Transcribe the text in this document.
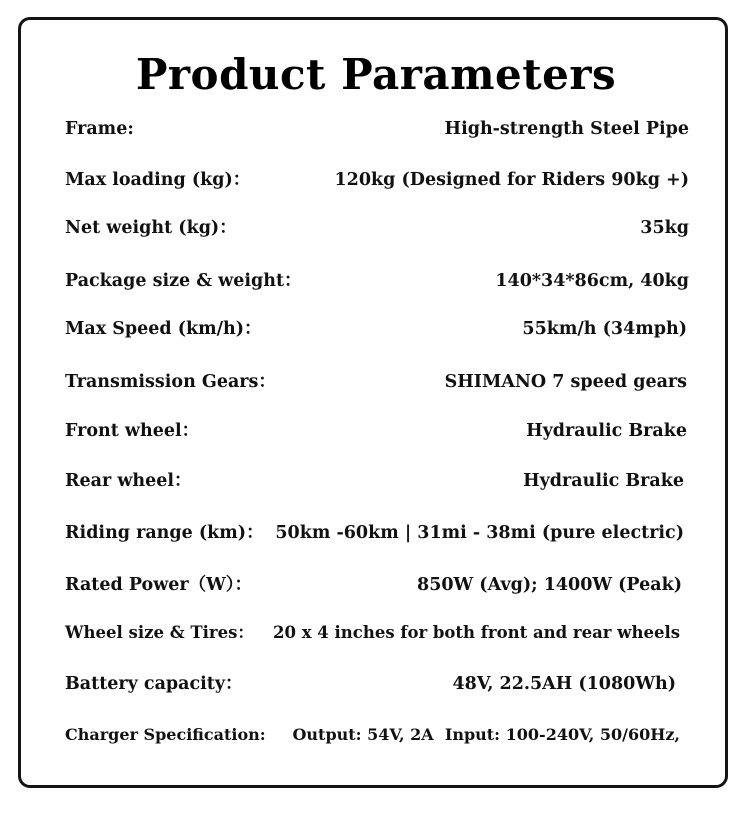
Product Parameters
Frame:	High-strength Steel Pipe
Max loading (kg)：	120kg (Designed for Riders 90kg +)
Net weight (kg)：	35kg
Package size & weight：	140*34*86cm, 40kg
Max Speed (km/h)：	55km/h (34mph)
Transmission Gears：	SHIMANO 7 speed gears
Front wheel：	Hydraulic Brake
Rear wheel：	Hydraulic Brake
Riding range (km)： 50km -60km | 31mi - 38mi (pure electric)
Rated Power（W）：	850W (Avg); 1400W (Peak)
Wheel size & Tires： 20 x 4 inches for both front and rear wheels
Battery capacity：	48V, 22.5AH (1080Wh)
Charger Specification: Output: 54V, 2A  Input: 100-240V, 50/60Hz,
